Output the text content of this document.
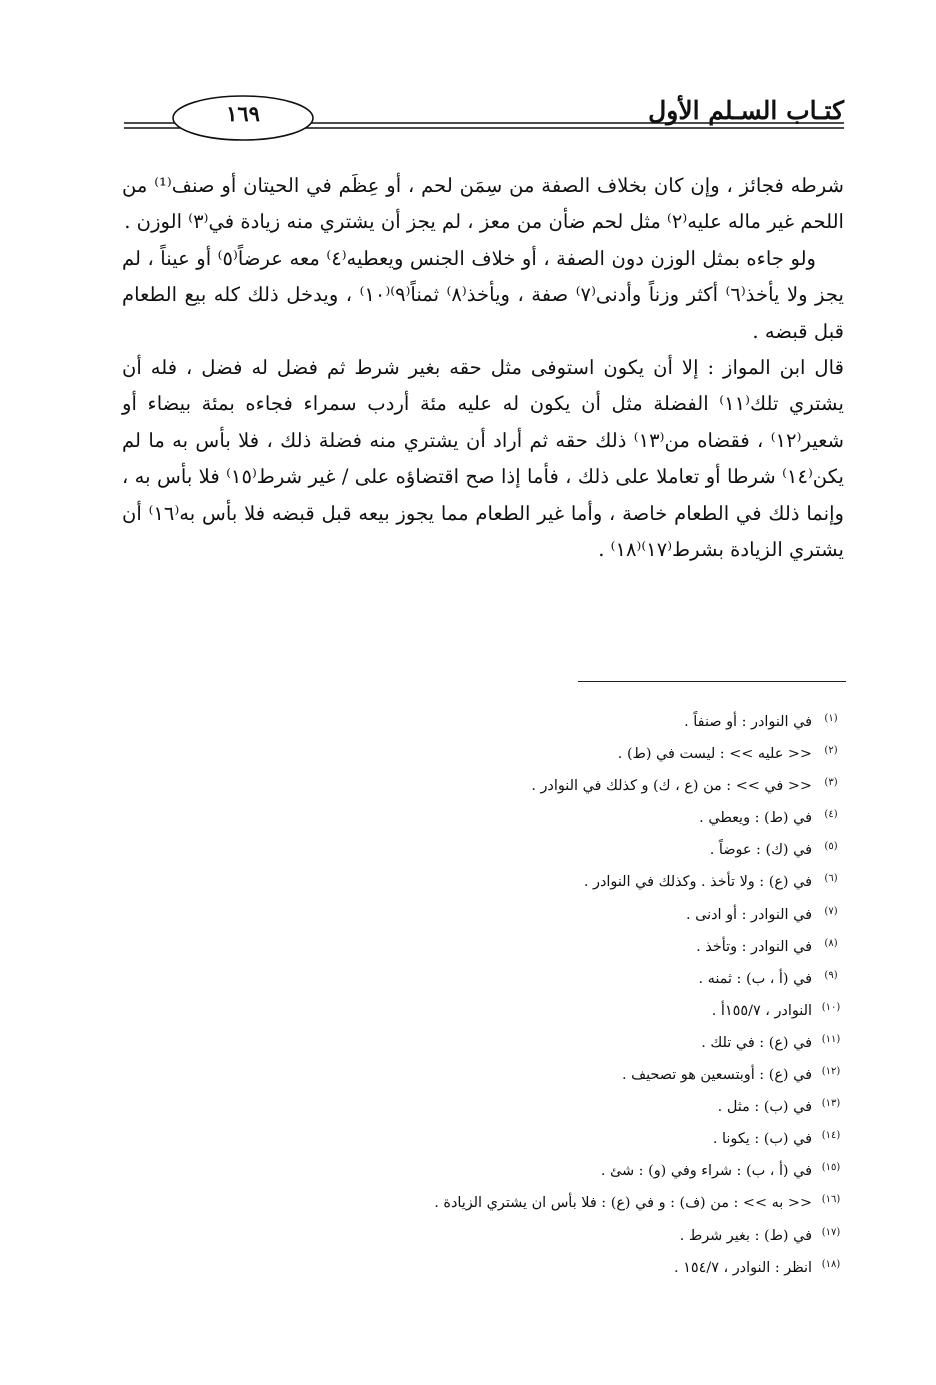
١٦٩	كتـاب السـلم الأول

شرطه فجائز ، وإن كان بخلاف الصفة من سِمَن لحم ، أو عِظَم في الحيتان أو صنف⁽¹⁾ من اللحم غير ماله عليه⁽٢⁾ مثل لحم ضأن من معز ، لم يجز أن يشتري منه زيادة في⁽٣⁾ الوزن .

ولو جاءه بمثل الوزن دون الصفة ، أو خلاف الجنس ويعطيه⁽٤⁾ معه عرضاً⁽٥⁾ أو عيناً ، لم يجز ولا يأخذ⁽٦⁾ أكثر وزناً وأدنى⁽٧⁾ صفة ، ويأخذ⁽٨⁾ ثمناً⁽٩⁾⁽١٠⁾ ، ويدخل ذلك كله بيع الطعام قبل قبضه .

قال ابن المواز : إلا أن يكون استوفى مثل حقه بغير شرط ثم فضل له فضل ، فله أن يشتري تلك⁽١١⁾ الفضلة مثل أن يكون له عليه مئة أردب سمراء فجاءه بمئة بيضاء أو شعير⁽١٢⁾ ، فقضاه من⁽١٣⁾ ذلك حقه ثم أراد أن يشتري منه فضلة ذلك ، فلا بأس به ما لم يكن⁽١٤⁾ شرطا أو تعاملا على ذلك ، فأما إذا صح اقتضاؤه على / غير شرط⁽١٥⁾ فلا بأس به ، وإنما ذلك في الطعام خاصة ، وأما غير الطعام مما يجوز بيعه قبل قبضه فلا بأس به⁽١٦⁾ أن يشتري الزيادة بشرط⁽١٧⁾⁽١٨⁾ .

(١)
في النوادر : أو صنفاً .
(٢)
<< عليه >> : ليست في (ط) .
(٣)
<< في >> : من (ع ، ك) و كذلك في النوادر .
(٤)
في (ط) : ويعطي .
(٥)
في (ك) : عوضاً .
(٦)
في (ع) : ولا تأخذ . وكذلك في النوادر .
(٧)
في النوادر : أو ادنى .
(٨)
في النوادر : وتأخذ .
(٩)
في (أ ، ب) : ثمنه .
(١٠)
النوادر ، ١٥٥/٧أ .
(١١)
في (ع) : في تلك .
(١٢)
في (ع) : أوبتسعين هو تصحيف .
(١٣)
في (ب) : مثل .
(١٤)
في (ب) : يكونا .
(١٥)
في (أ ، ب) : شراء وفي (و) : شئ .
(١٦)
<< به >> : من (ف) : و في (ع) : فلا بأس ان يشتري الزيادة .
(١٧)
في (ط) : بغير شرط .
(١٨)
انظر : النوادر ، ١٥٤/٧ .
